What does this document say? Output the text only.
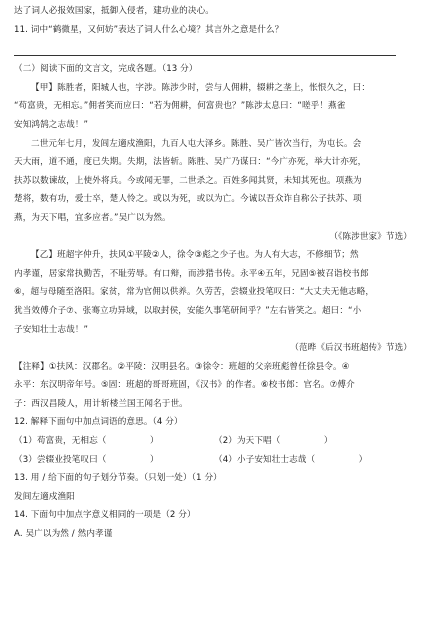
达了词人必报效国家，抵御入侵者，建功业的决心。
11. 词中“鹤微星，又何妨”表达了词人什么心境？其言外之意是什么？
（二）阅读下面的文言文，完成各题。（13 分）
【甲】陈胜者，阳城人也，字涉。陈涉少时，尝与人佣耕，辍耕之垄上，怅恨久之，曰：
“苟富贵，无相忘。”佣者笑而应曰：“若为佣耕，何富贵也？”陈涉太息曰：“嗟乎！燕雀
安知鸿鹄之志哉！”
二世元年七月，发闾左適戍渔阳，九百人屯大泽乡。陈胜、吴广皆次当行，为屯长。会
天大雨，道不通，度已失期。失期，法皆斩。陈胜、吴广乃谋曰：“今广亦死，举大计亦死，
扶苏以数谏故，上使外将兵。今或闻无罪，二世杀之。百姓多闻其贤，未知其死也。项燕为
楚将，数有功，爱士卒，楚人怜之。或以为死，或以为亡。今诚以吾众诈自称公子扶苏、项
燕，为天下唱，宜多应者。”吴广以为然。
（《陈涉世家》节选）
【乙】班超字仲升，扶风①平陵②人，徐令③彪之少子也。为人有大志，不修细节；然
内孝谨，居家常执勤苦，不耻劳辱。有口辩，而涉猎书传。永平④五年，兄固⑤被召诣校书郎
⑥，超与母随至洛阳。家贫，常为官佣以供养。久劳苦，尝辍业投笔叹曰：“大丈夫无他志略，
犹当效傅介子⑦、张骞立功异域，以取封侯，安能久事笔研间乎？”左右皆笑之。超曰：“小
子安知壮士志哉！”
（范晔《后汉书班超传》节选）
【注释】①扶风：汉郡名。②平陵：汉明县名。③徐令：班超的父亲班彪曾任徐县令。④
永平：东汉明帝年号。⑤固：班超的哥哥班固，《汉书》的作者。⑥校书郎：官名。⑦傅介
子：西汉昌陵人，用计斩楼兰国王闻名于世。
12. 解释下面句中加点词语的意思。（4 分）
（1）苟富贵，无相忘（　　　　　）	（2）为天下唱（　　　　　）
（3）尝辍业投笔叹曰（　　　　　）	（4）小子安知壮士志哉（　　　　　）
13. 用 / 给下面的句子划分节奏。（只划一处）（1 分）
发闾左適戍渔阳
14. 下面句中加点字意义相同的一项是（2 分）
A. 吴广以为然 / 然内孝谨
